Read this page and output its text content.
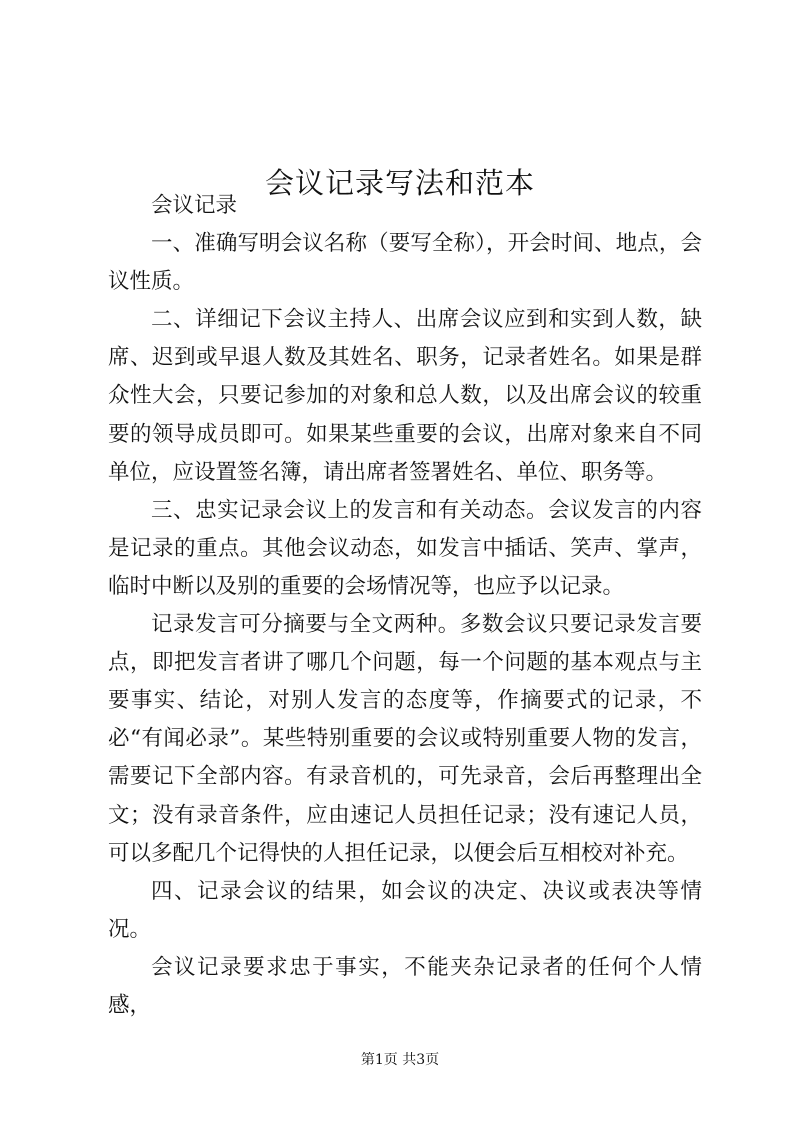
会议记录写法和范本

会议记录

一、准确写明会议名称（要写全称），开会时间、地点，会议性质。

二、详细记下会议主持人、出席会议应到和实到人数，缺席、迟到或早退人数及其姓名、职务，记录者姓名。如果是群众性大会，只要记参加的对象和总人数，以及出席会议的较重要的领导成员即可。如果某些重要的会议，出席对象来自不同单位，应设置签名簿，请出席者签署姓名、单位、职务等。

三、忠实记录会议上的发言和有关动态。会议发言的内容是记录的重点。其他会议动态，如发言中插话、笑声、掌声，临时中断以及别的重要的会场情况等，也应予以记录。

记录发言可分摘要与全文两种。多数会议只要记录发言要点，即把发言者讲了哪几个问题，每一个问题的基本观点与主要事实、结论，对别人发言的态度等，作摘要式的记录，不必“有闻必录”。某些特别重要的会议或特别重要人物的发言，需要记下全部内容。有录音机的，可先录音，会后再整理出全文；没有录音条件，应由速记人员担任记录；没有速记人员，可以多配几个记得快的人担任记录，以便会后互相校对补充。

四、记录会议的结果，如会议的决定、决议或表决等情况。

会议记录要求忠于事实，不能夹杂记录者的任何个人情感，

第1页 共3页
